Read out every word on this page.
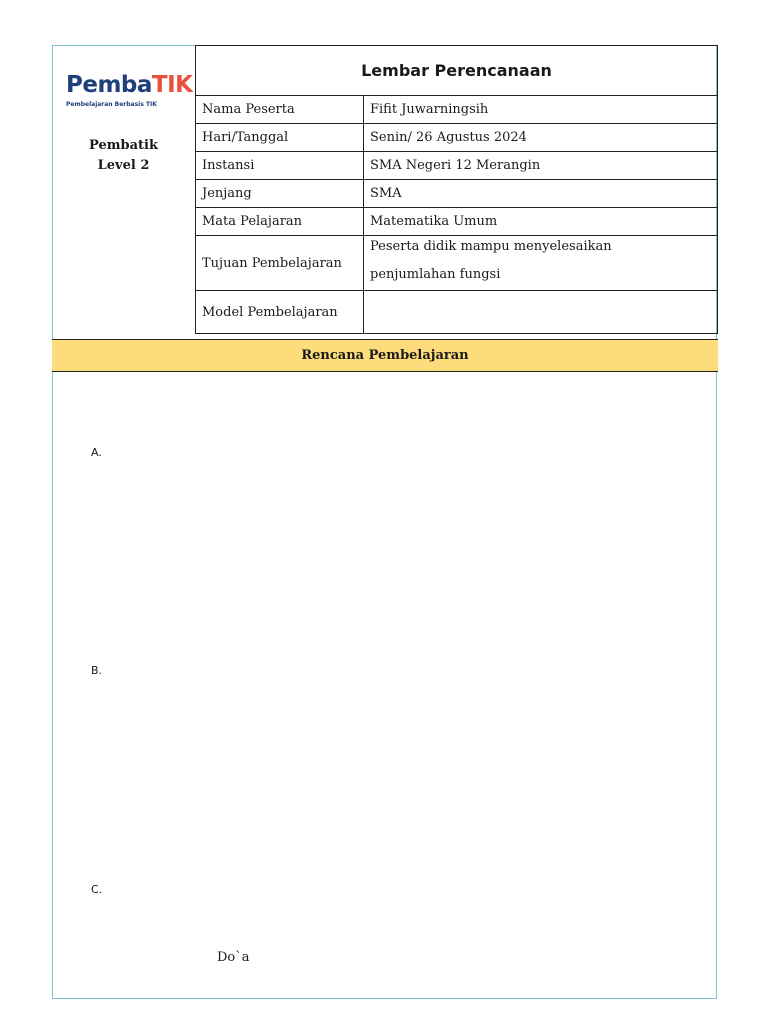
PembaTIK
Pembelajaran Berbasis TIK
Pembatik
Level 2
Lembar Perencanaan	
Nama Peserta	Fifit Juwarningsih
Hari/Tanggal	Senin/ 26 Agustus 2024
Instansi	SMA Negeri 12 Merangin
Jenjang	SMA
Mata Pelajaran	Matematika Umum
Tujuan Pembelajaran	Peserta didik mampu menyelesaikan
penjumlahan fungsi

Model Pembelajaran	
Rencana Pembelajaran
A.
B.
C.
Do`a
